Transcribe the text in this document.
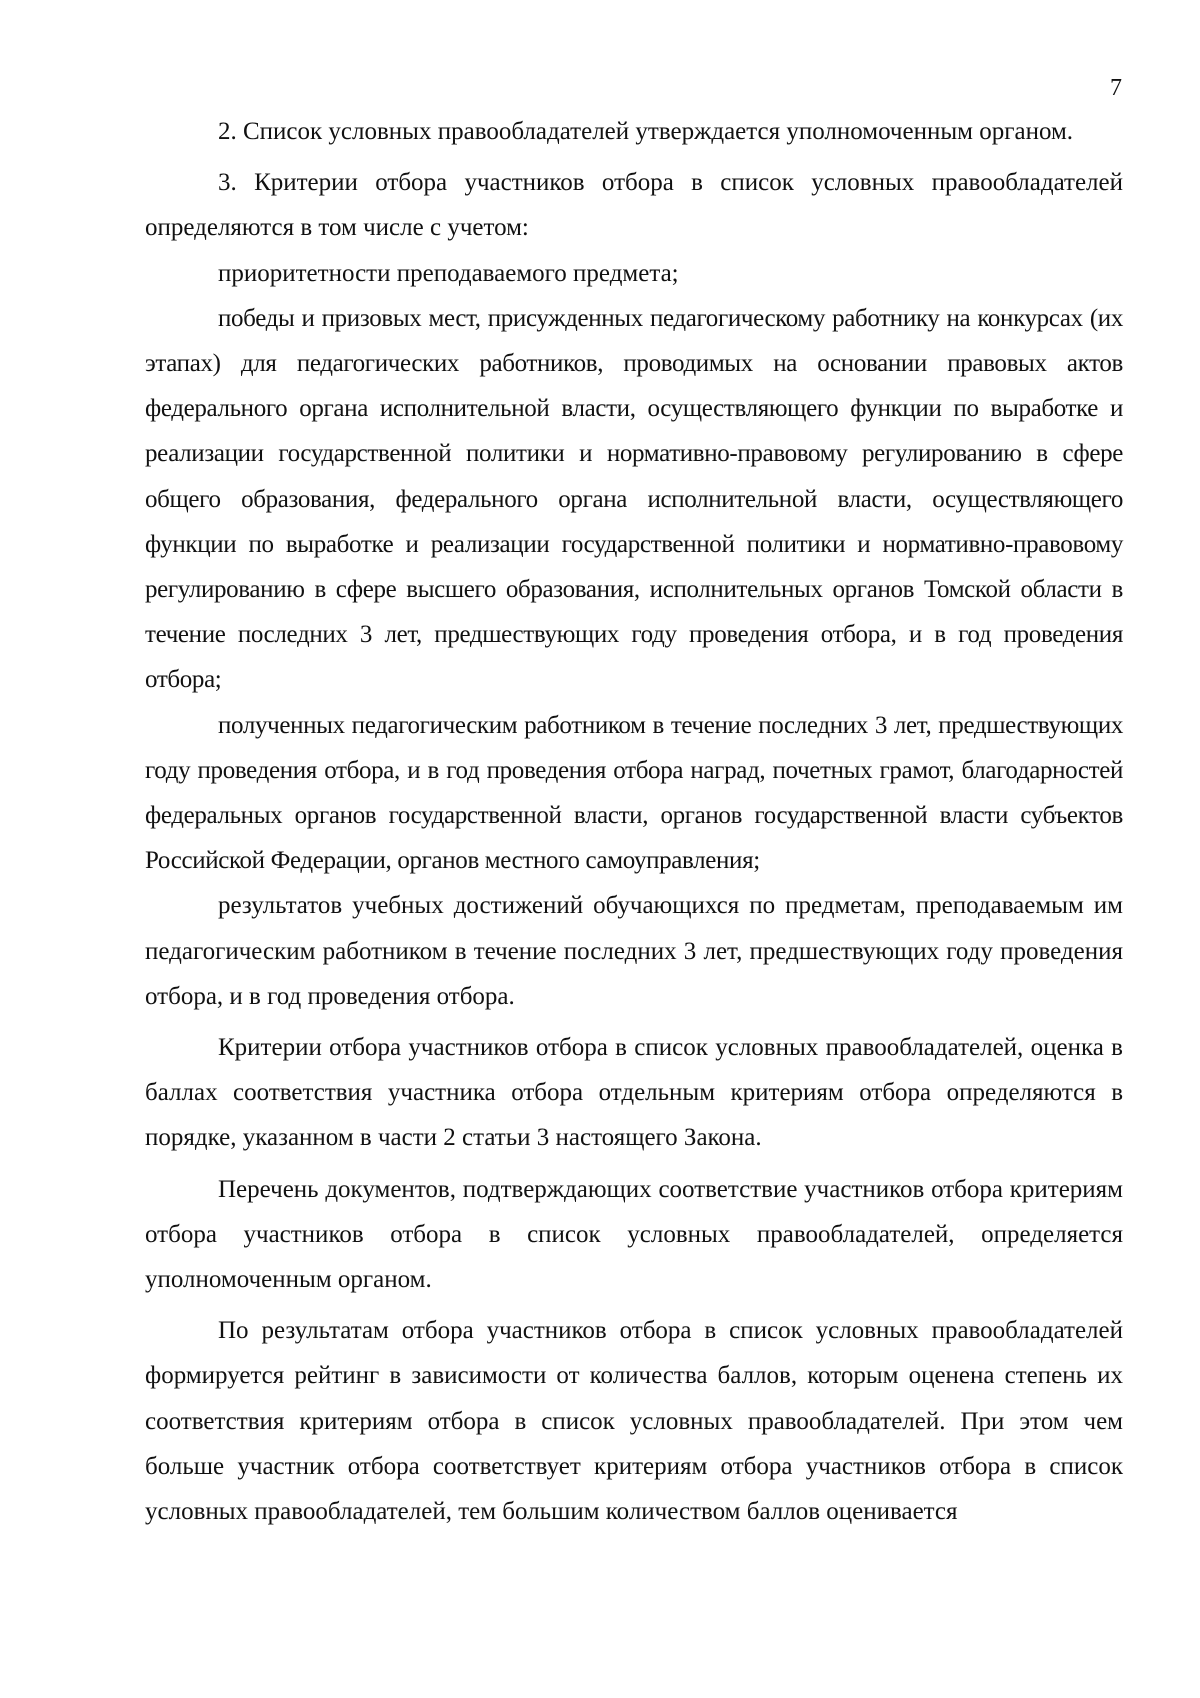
7

2. Список условных правообладателей утверждается уполномоченным органом.

3. Критерии отбора участников отбора в список условных правообладателей определяются в том числе с учетом:

приоритетности преподаваемого предмета;

победы и призовых мест, присужденных педагогическому работнику на конкурсах (их этапах) для педагогических работников, проводимых на основании правовых актов федерального органа исполнительной власти, осуществляющего функции по выработке и реализации государственной политики и нормативно-правовому регулированию в сфере общего образования, федерального органа исполнительной власти, осуществляющего функции по выработке и реализации государственной политики и нормативно-правовому регулированию в сфере высшего образования, исполнительных органов Томской области в течение последних 3 лет, предшествующих году проведения отбора, и в год проведения отбора;

полученных педагогическим работником в течение последних 3 лет, предшествующих году проведения отбора, и в год проведения отбора наград, почетных грамот, благодарностей федеральных органов государственной власти, органов государственной власти субъектов Российской Федерации, органов местного самоуправления;

результатов учебных достижений обучающихся по предметам, преподаваемым им педагогическим работником в течение последних 3 лет, предшествующих году проведения отбора, и в год проведения отбора.

Критерии отбора участников отбора в список условных правообладателей, оценка в баллах соответствия участника отбора отдельным критериям отбора определяются в порядке, указанном в части 2 статьи 3 настоящего Закона.

Перечень документов, подтверждающих соответствие участников отбора критериям отбора участников отбора в список условных правообладателей, определяется уполномоченным органом.

По результатам отбора участников отбора в список условных правообладателей формируется рейтинг в зависимости от количества баллов, которым оценена степень их соответствия критериям отбора в список условных правообладателей. При этом чем больше участник отбора соответствует критериям отбора участников отбора в список условных правообладателей, тем большим количеством баллов оценивается
